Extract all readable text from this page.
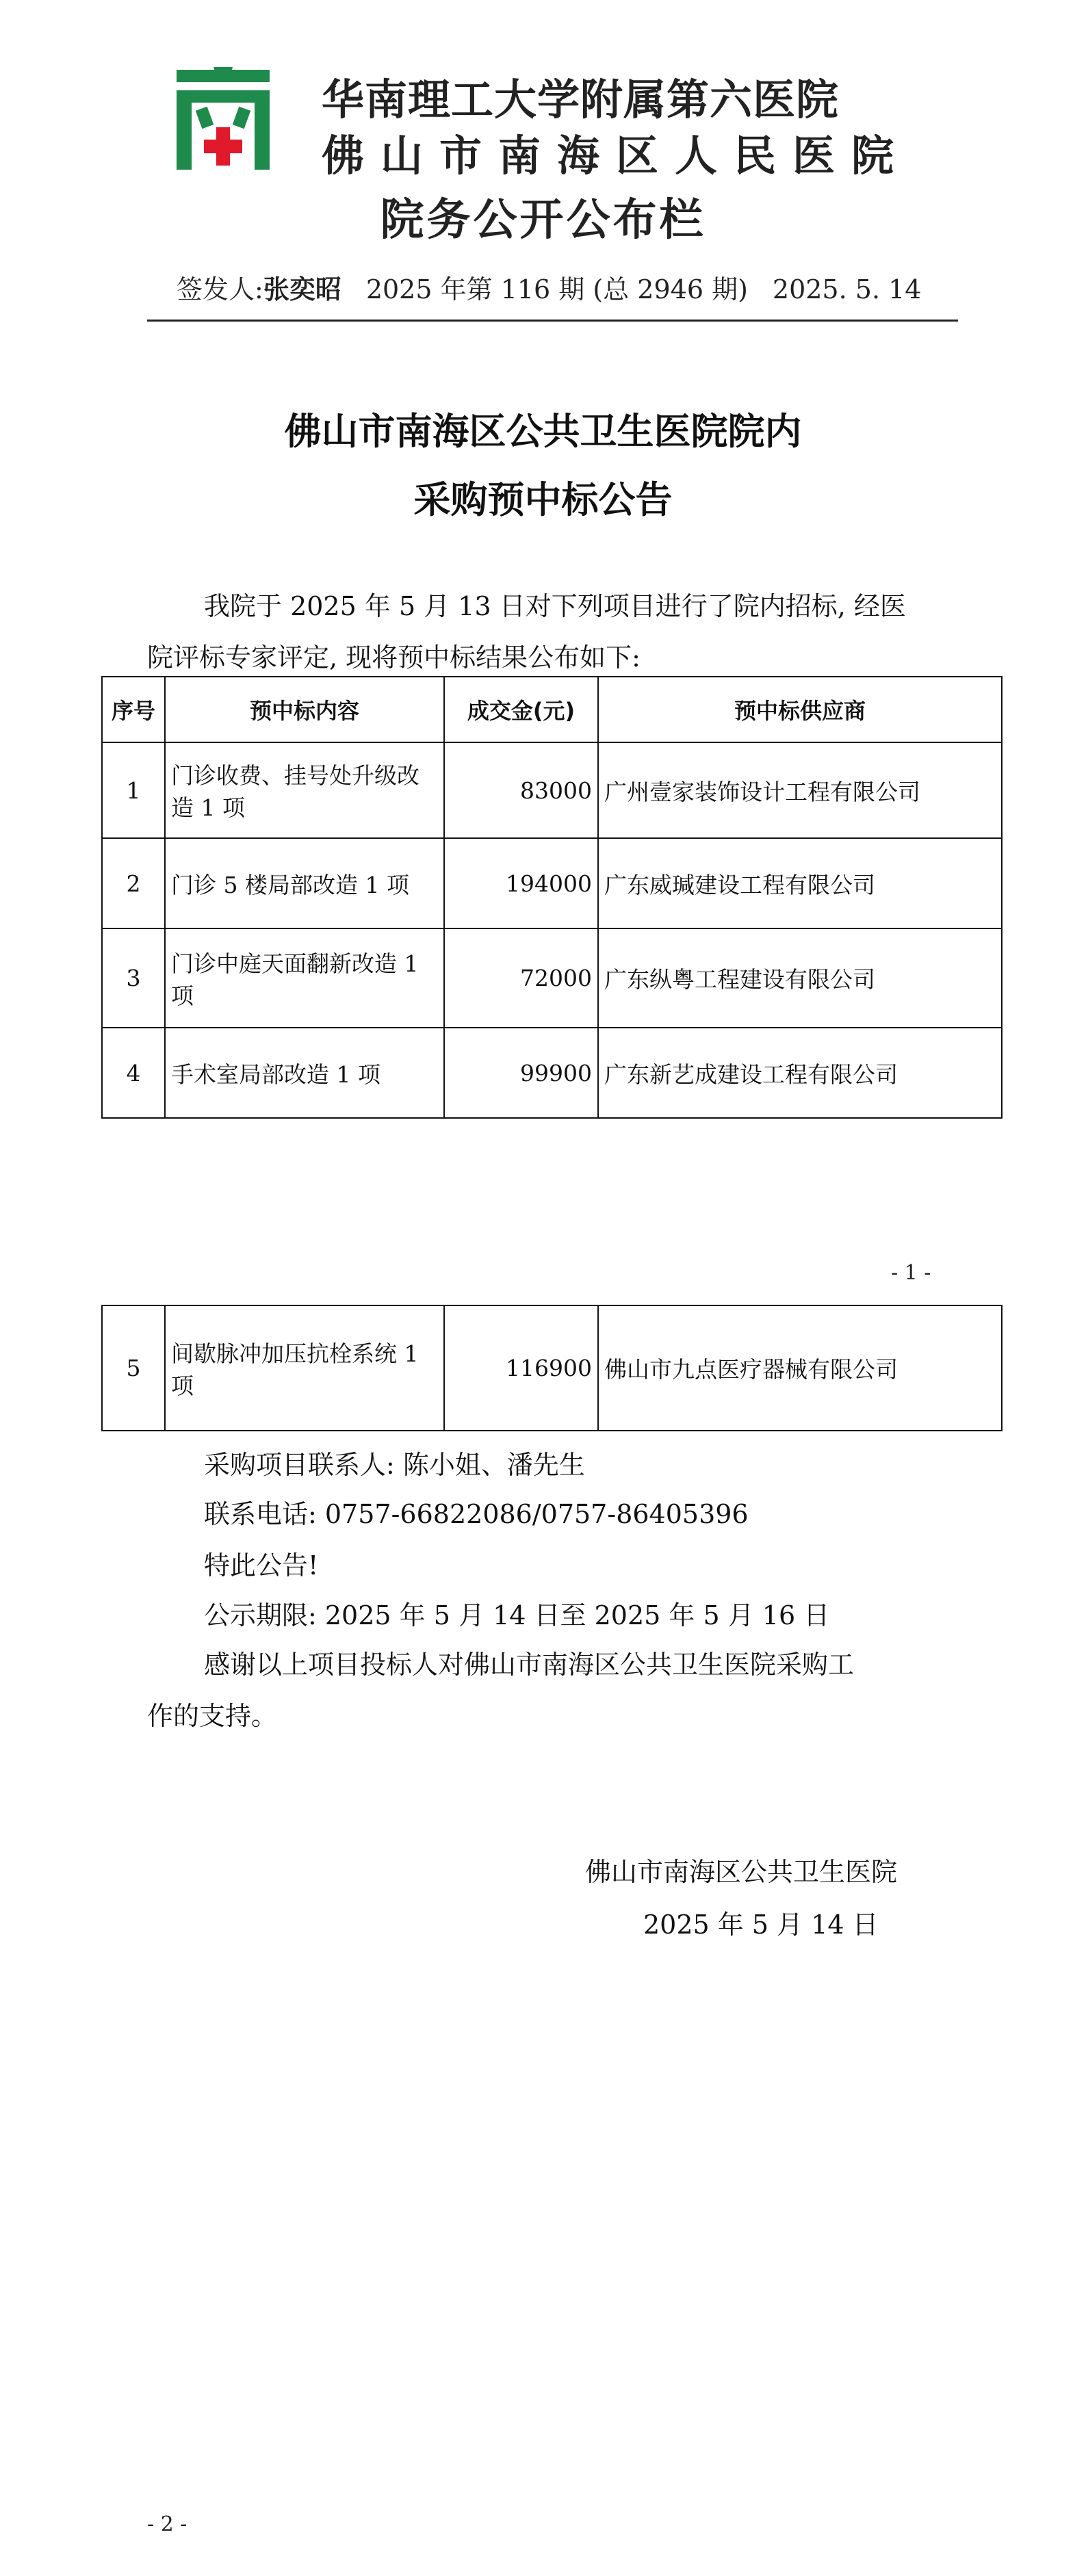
华南理工大学附属第六医院
佛山市南海区人民医院
院务公开公布栏
签发人:张奕昭 2025 年第 116 期 (总 2946 期) 2025. 5. 14
佛山市南海区公共卫生医院院内
采购预中标公告
我院于 2025 年 5 月 13 日对下列项目进行了院内招标, 经医
院评标专家评定, 现将预中标结果公布如下:
序号	预中标内容	成交金(元)	预中标供应商
1	门诊收费、挂号处升级改造 1 项	83000	广州壹家装饰设计工程有限公司
2	门诊 5 楼局部改造 1 项	194000	广东威瑊建设工程有限公司
3	门诊中庭天面翻新改造 1 项	72000	广东纵粤工程建设有限公司
4	手术室局部改造 1 项	99900	广东新艺成建设工程有限公司
- 1 -
5	间歇脉冲加压抗栓系统 1 项	116900	佛山市九点医疗器械有限公司
采购项目联系人: 陈小姐、潘先生
联系电话: 0757-66822086/0757-86405396
特此公告!
公示期限: 2025 年 5 月 14 日至 2025 年 5 月 16 日
感谢以上项目投标人对佛山市南海区公共卫生医院采购工
作的支持。
佛山市南海区公共卫生医院
2025 年 5 月 14 日
- 2 -
